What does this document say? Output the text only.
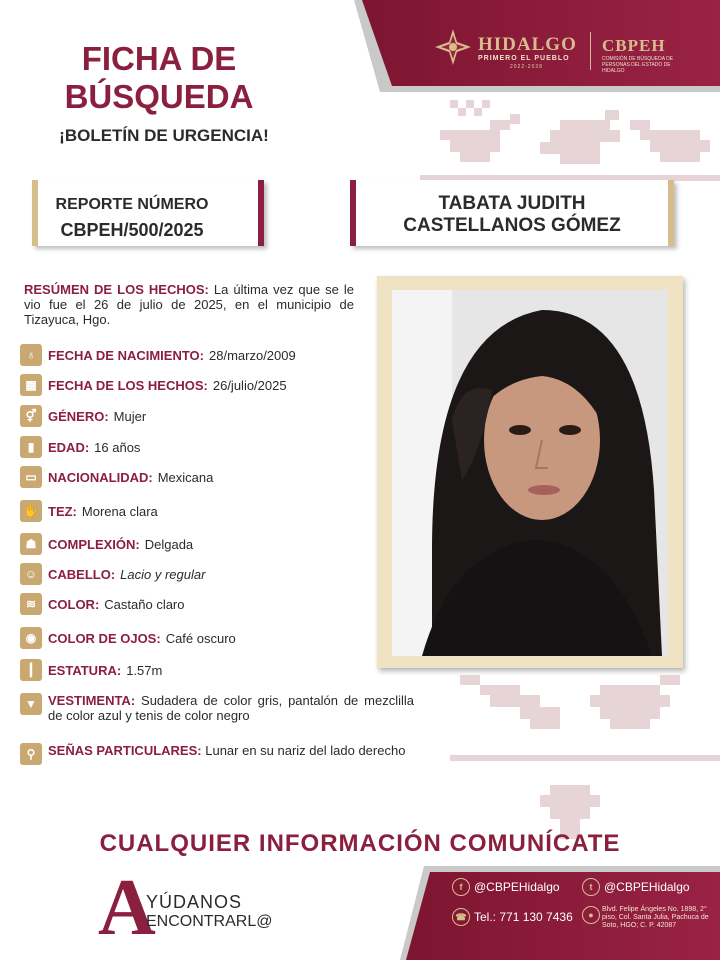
HIDALGO
PRIMERO EL PUEBLO
2022-2028
CBPEH
COMISIÓN DE BÚSQUEDA DE PERSONAS DEL ESTADO DE HIDALGO
FICHA DE
BÚSQUEDA
¡BOLETÍN DE URGENCIA!
REPORTE NÚMERO
CBPEH/500/2025
TABATA JUDITH
CASTELLANOS GÓMEZ
RESÚMEN DE LOS HECHOS: La última vez que se le vio fue el 26 de julio de 2025, en el municipio de Tizayuca, Hgo.
♁ FECHA DE NACIMIENTO: 28/marzo/2009
▦ FECHA DE LOS HECHOS: 26/julio/2025
⚥ GÉNERO: Mujer
▮	EDAD: 16 años
▭ NACIONALIDAD: Mexicana
✋ TEZ: Morena clara
☗ COMPLEXIÓN: Delgada
☺ CABELLO: Lacio y regular
≋ COLOR: Castaño claro
◉ COLOR DE OJOS: Café oscuro
┃	ESTATURA: 1.57m
▼ VESTIMENTA: Sudadera de color gris, pantalón de mezclilla de color azul y tenis de color negro
⚲ SEÑAS PARTICULARES: Lunar en su nariz del lado derecho
CUALQUIER INFORMACIÓN COMUNÍCATE
A
YÚDANOS
ENCONTRARL@
f @CBPEHidalgo	t @CBPEHidalgo
☎ Tel.: 771 130 7436	●
Blvd. Felipe Ángeles No. 1898, 2° piso, Col. Santa Julia, Pachuca de Soto, HGO; C. P. 42087
